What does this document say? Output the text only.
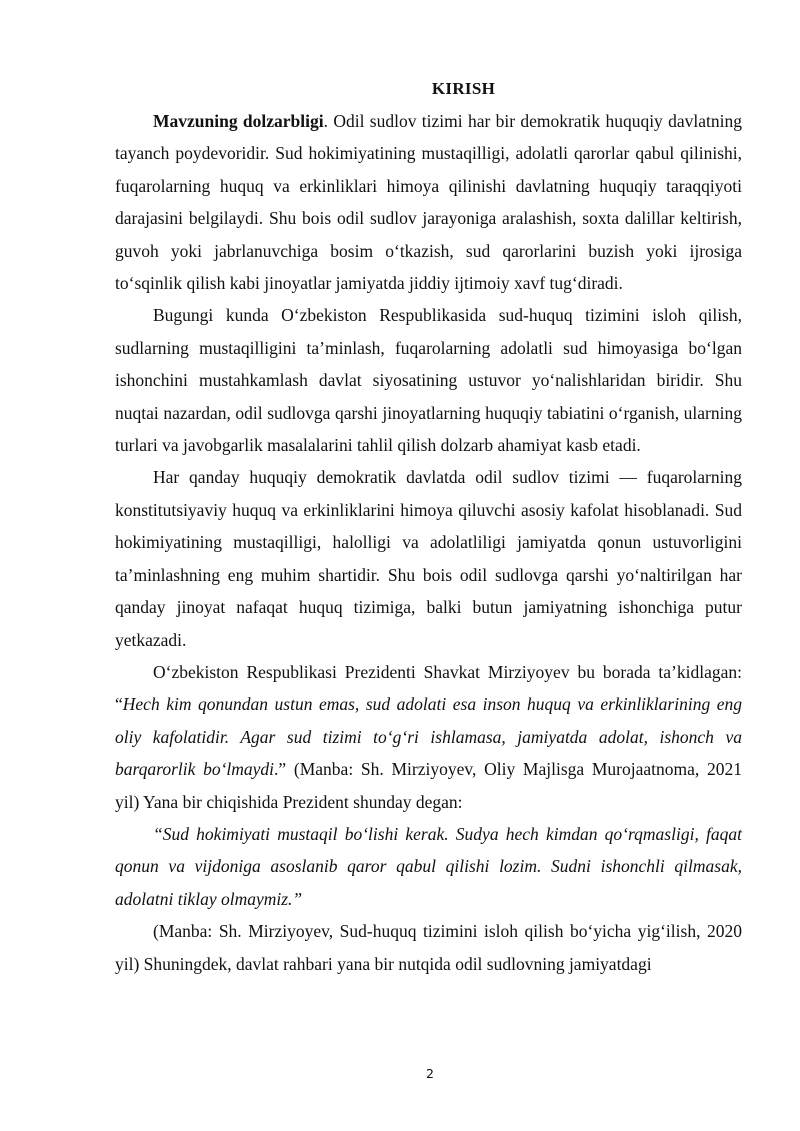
KIRISH

Mavzuning dolzarbligi. Odil sudlov tizimi har bir demokratik huquqiy davlatning tayanch poydevoridir. Sud hokimiyatining mustaqilligi, adolatli qarorlar qabul qilinishi, fuqarolarning huquq va erkinliklari himoya qilinishi davlatning huquqiy taraqqiyoti darajasini belgilaydi. Shu bois odil sudlov jarayoniga aralashish, soxta dalillar keltirish, guvoh yoki jabrlanuvchiga bosim o‘tkazish, sud qarorlarini buzish yoki ijrosiga to‘sqinlik qilish kabi jinoyatlar jamiyatda jiddiy ijtimoiy xavf tug‘diradi.

Bugungi kunda O‘zbekiston Respublikasida sud-huquq tizimini isloh qilish, sudlarning mustaqilligini ta’minlash, fuqarolarning adolatli sud himoyasiga bo‘lgan ishonchini mustahkamlash davlat siyosatining ustuvor yo‘nalishlaridan biridir. Shu nuqtai nazardan, odil sudlovga qarshi jinoyatlarning huquqiy tabiatini o‘rganish, ularning turlari va javobgarlik masalalarini tahlil qilish dolzarb ahamiyat kasb etadi.

Har qanday huquqiy demokratik davlatda odil sudlov tizimi — fuqarolarning konstitutsiyaviy huquq va erkinliklarini himoya qiluvchi asosiy kafolat hisoblanadi. Sud hokimiyatining mustaqilligi, halolligi va adolatliligi jamiyatda qonun ustuvorligini ta’minlashning eng muhim shartidir. Shu bois odil sudlovga qarshi yo‘naltirilgan har qanday jinoyat nafaqat huquq tizimiga, balki butun jamiyatning ishonchiga putur yetkazadi.

O‘zbekiston Respublikasi Prezidenti Shavkat Mirziyoyev bu borada ta’kidlagan: “Hech kim qonundan ustun emas, sud adolati esa inson huquq va erkinliklarining eng oliy kafolatidir. Agar sud tizimi to‘g‘ri ishlamasa, jamiyatda adolat, ishonch va barqarorlik bo‘lmaydi.” (Manba: Sh. Mirziyoyev, Oliy Majlisga Murojaatnoma, 2021 yil) Yana bir chiqishida Prezident shunday degan:

“Sud hokimiyati mustaqil bo‘lishi kerak. Sudya hech kimdan qo‘rqmasligi, faqat qonun va vijdoniga asoslanib qaror qabul qilishi lozim. Sudni ishonchli qilmasak, adolatni tiklay olmaymiz.”

(Manba: Sh. Mirziyoyev, Sud-huquq tizimini isloh qilish bo‘yicha yig‘ilish, 2020 yil) Shuningdek, davlat rahbari yana bir nutqida odil sudlovning jamiyatdagi

2
